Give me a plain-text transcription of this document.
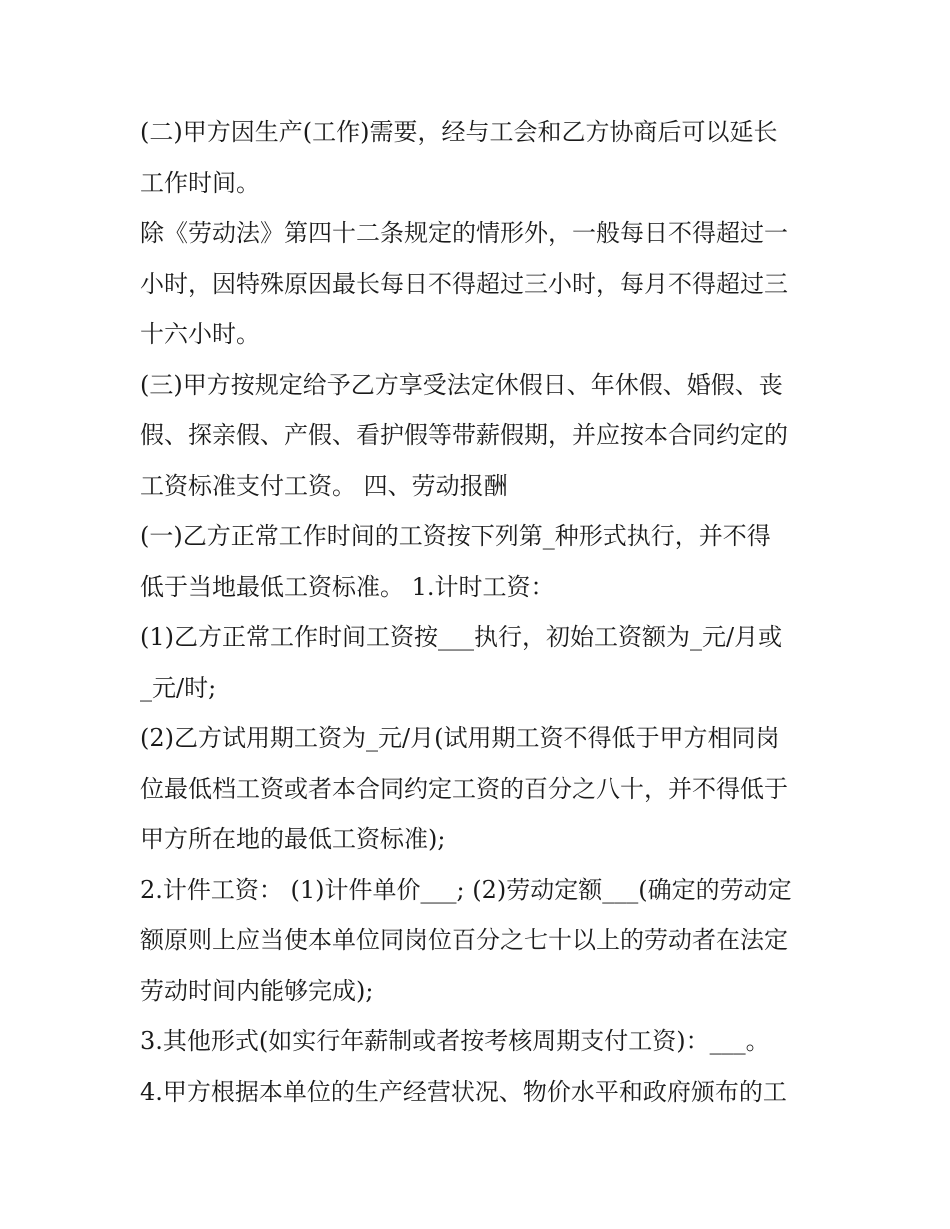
(二)甲方因生产(工作)需要，经与工会和乙方协商后可以延长
工作时间。
除《劳动法》第四十二条规定的情形外，一般每日不得超过一
小时，因特殊原因最长每日不得超过三小时，每月不得超过三
十六小时。
(三)甲方按规定给予乙方享受法定休假日、年休假、婚假、丧
假、探亲假、产假、看护假等带薪假期，并应按本合同约定的
工资标准支付工资。 四、劳动报酬
(一)乙方正常工作时间的工资按下列第_种形式执行，并不得
低于当地最低工资标准。 1.计时工资：
(1)乙方正常工作时间工资按___执行，初始工资额为_元/月或
_元/时;
(2)乙方试用期工资为_元/月(试用期工资不得低于甲方相同岗
位最低档工资或者本合同约定工资的百分之八十，并不得低于
甲方所在地的最低工资标准);
2.计件工资： (1)计件单价___; (2)劳动定额___(确定的劳动定
额原则上应当使本单位同岗位百分之七十以上的劳动者在法定
劳动时间内能够完成);
3.其他形式(如实行年薪制或者按考核周期支付工资)：___。
4.甲方根据本单位的生产经营状况、物价水平和政府颁布的工
